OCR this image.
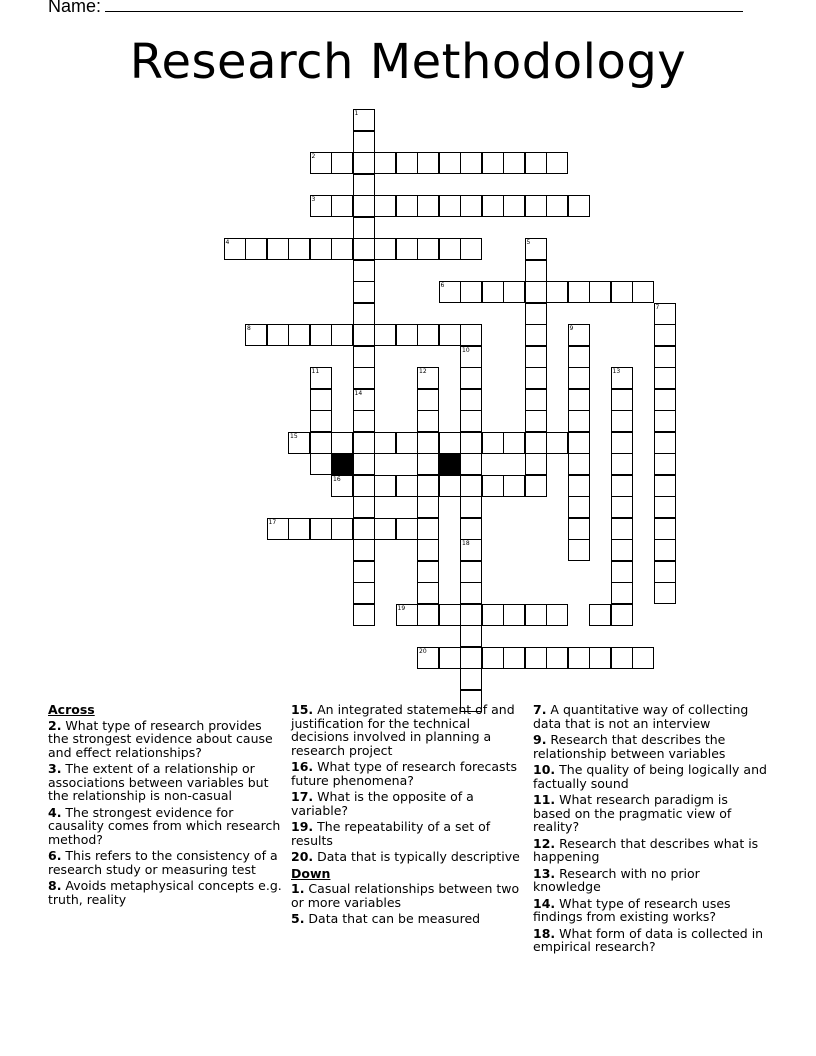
Name:
Research Methodology
1
2
3
4	5
6
7
8	9
10
11	12	13
14
15
17
18
19
20
16
Across
2. What type of research provides the strongest evidence about cause and effect relationships?
3. The extent of a relationship or associations between variables but the relationship is non-casual
4. The strongest evidence for causality comes from which research method?
6. This refers to the consistency of a research study or measuring test
8. Avoids metaphysical concepts e.g. truth, reality
15. An integrated statement of and justification for the technical decisions involved in planning a research project
16. What type of research forecasts future phenomena?
17. What is the opposite of a variable?
19. The repeatability of a set of results
20. Data that is typically descriptive
Down
1. Casual relationships between two or more variables
5. Data that can be measured
7. A quantitative way of collecting data that is not an interview
9. Research that describes the relationship between variables
10. The quality of being logically and factually sound
11. What research paradigm is based on the pragmatic view of reality?
12. Research that describes what is happening
13. Research with no prior knowledge
14. What type of research uses findings from existing works?
18. What form of data is collected in empirical research?
